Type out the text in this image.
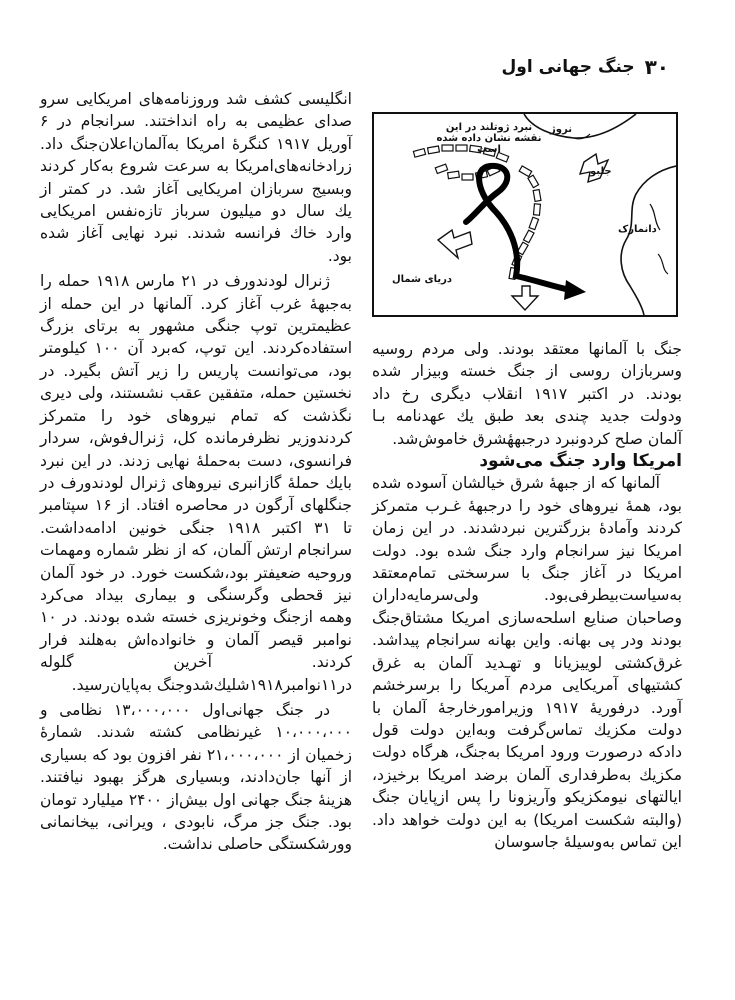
۳۰
جنگ جهانی اول
نبرد ژوتلند در این نقشه نشان داده شده است
نروژ
جلبو
دانمارک
دریای شمال

انگلیسی کشف شد وروزنامه‌های امریکایی سرو صدای عظیمی به راه انداختند. سرانجام در ۶ آوریل ۱۹۱۷ کنگرهٔ امریکا به‌آلمان‌اعلان‌جنگ داد. زرادخانه‌های‌امریکا به سرعت شروع به‌کار کردند وبسیج سربازان امریکایی آغاز شد. در کمتر از یك سال دو میلیون سرباز تازه‌نفس امریکایی وارد خاك فرانسه شدند. نبرد نهایی آغاز شده بود.

ژنرال لودندورف در ۲۱ مارس ۱۹۱۸ حمله را به‌جبههٔ غرب آغاز کرد. آلمانها در این حمله از عظیمترین توپ جنگی مشهور به برتای بزرگ استفاده‌کردند. این توپ، که‌برد آن ۱۰۰ کیلومتر بود، می‌توانست پاریس را زیر آتش بگیرد. در نخستین حمله، متفقین عقب نشستند، ولی دیری نگذشت که تمام نیروهای خود را متمرکز کردندوزیر نظرفرمانده کل، ژنرال‌فوش، سردار فرانسوی، دست به‌حملهٔ نهایی زدند. در این نبرد بایك حملهٔ گازانبری نیروهای ژنرال لودندورف در جنگلهای آرگون در محاصره افتاد. از ۱۶ سپتامبر تا ۳۱ اکتبر ۱۹۱۸ جنگی خونین ادامه‌داشت. سرانجام ارتش آلمان، که از نظر شماره ومهمات وروحیه ضعیفتر بود،شکست خورد. در خود آلمان نیز قحطی وگرسنگی و بیماری بیداد می‌کرد وهمه ازجنگ وخونریزی خسته شده بودند. در ۱۰ نوامبر قیصر آلمان و خانواده‌اش به‌هلند فرار کردند. آخرین گلوله در۱۱نوامبر۱۹۱۸شلیك‌شدوجنگ به‌پایان‌رسید.

در جنگ جهانی‌اول ۱۳،۰۰۰،۰۰۰ نظامی و ۱۰،۰۰۰،۰۰۰ غیرنظامی کشته شدند. شمارهٔ زخمیان از ۲۱،۰۰۰،۰۰۰ نفر افزون بود که بسیاری از آنها جان‌دادند، وبسیاری هرگز بهبود نیافتند. هزینهٔ جنگ جهانی اول بیش‌از ۲۴۰۰ میلیارد تومان بود. جنگ جز مرگ، نابودی ، ویرانی، بیخانمانی وورشکستگی حاصلی نداشت.

جنگ با آلمانها معتقد بودند. ولی مردم روسیه وسربازان روسی از جنگ خسته وبیزار شده بودند. در اکتبر ۱۹۱۷ انقلاب دیگری رخ داد ودولت جدید چندی بعد طبق یك عهدنامه بـا آلمان صلح کردونبرد درجبههٔشرق خاموش‌شد.

امریکا وارد جنگ می‌شود

آلمانها که از جبههٔ شرق خیالشان آسوده شده بود، همهٔ نیروهای خود را درجبههٔ غـرب متمرکز کردند وآمادهٔ بزرگترین نبردشدند. در این زمان امریکا نیز سرانجام وارد جنگ شده بود. دولت امریکا در آغاز جنگ با سرسختی تمام‌معتقد به‌سیاست‌بیطرفی‌بود. ولی‌سرمایه‌داران وصاحبان صنایع اسلحه‌سازی امریکا مشتاق‌جنگ بودند ودر پی بهانه. واین بهانه سرانجام پیداشد. غرق‌کشتی لوییزیانا و تهـدید آلمان به غرق کشتیهای آمریکایی مردم آمریکا را برسرخشم آورد. درفوریهٔ ۱۹۱۷ وزیرامورخارجهٔ آلمان با دولت مکزیك تماس‌گرفت وبه‌این دولت قول داد‌که درصورت ورود امریکا به‌جنگ، هرگاه دولت مکزیك به‌طرفداری آلمان برضد امریکا برخیزد، ایالتهای نیومکزیکو وآریزونا را پس ازپایان جنگ (والبته شکست امریکا) به این دولت خواهد داد. این تماس به‌وسیلهٔ جاسوسان
